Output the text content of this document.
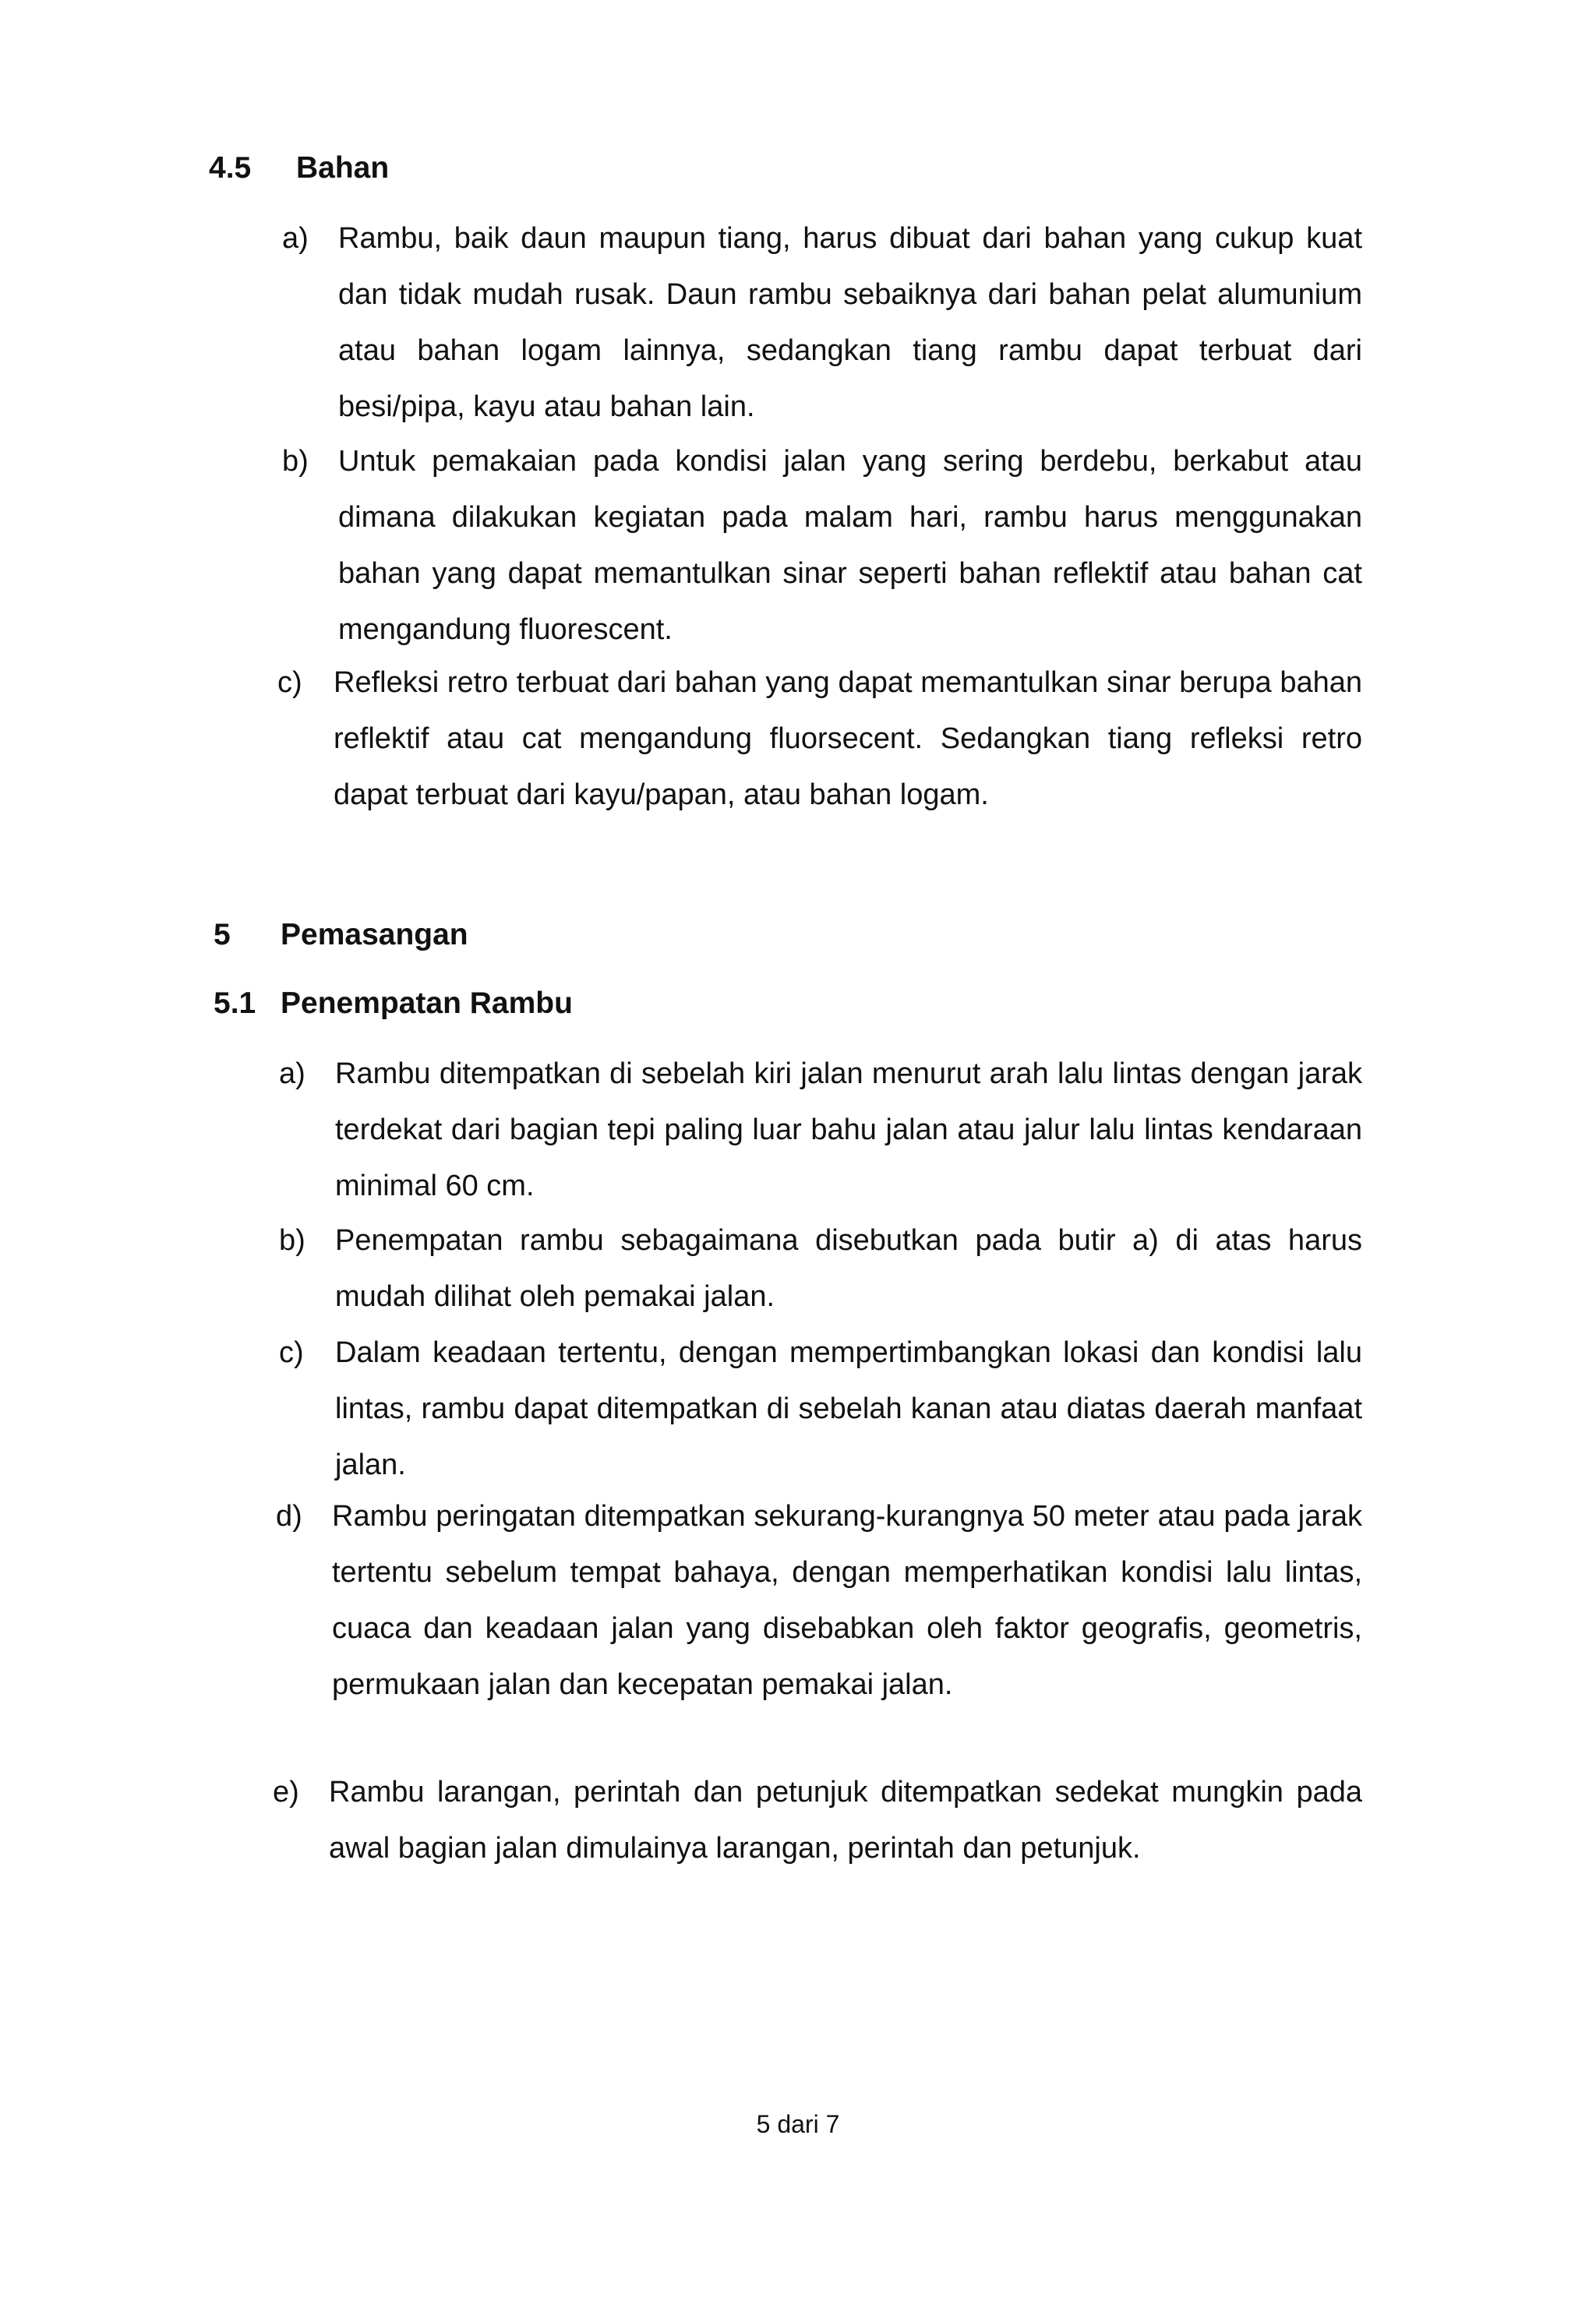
4.5 Bahan
a) Rambu, baik daun maupun tiang, harus dibuat dari bahan yang cukup kuat dan tidak mudah rusak. Daun rambu sebaiknya dari bahan pelat alumunium atau bahan logam lainnya, sedangkan tiang rambu dapat terbuat dari besi/pipa, kayu atau bahan lain.
b) Untuk pemakaian pada kondisi jalan yang sering berdebu, berkabut atau dimana dilakukan kegiatan pada malam hari, rambu harus menggunakan bahan yang dapat memantulkan sinar seperti bahan reflektif atau bahan cat mengandung fluorescent.
c) Refleksi retro terbuat dari bahan yang dapat memantulkan sinar berupa bahan reflektif atau cat mengandung fluorsecent. Sedangkan tiang refleksi retro dapat terbuat dari kayu/papan, atau bahan logam.
5 Pemasangan
5.1 Penempatan Rambu
a) Rambu ditempatkan di sebelah kiri jalan menurut arah lalu lintas dengan jarak terdekat dari bagian tepi paling luar bahu jalan atau jalur lalu lintas kendaraan minimal 60 cm.
b) Penempatan rambu sebagaimana disebutkan pada butir a) di atas harus mudah dilihat oleh pemakai jalan.
c) Dalam keadaan tertentu, dengan mempertimbangkan lokasi dan kondisi lalu lintas, rambu dapat ditempatkan di sebelah kanan atau diatas daerah manfaat jalan.
d) Rambu peringatan ditempatkan sekurang-kurangnya 50 meter atau pada jarak tertentu sebelum tempat bahaya, dengan memperhatikan kondisi lalu lintas, cuaca dan keadaan jalan yang disebabkan oleh faktor geografis, geometris, permukaan jalan dan kecepatan pemakai jalan.
e) Rambu larangan, perintah dan petunjuk ditempatkan sedekat mungkin pada awal bagian jalan dimulainya larangan, perintah dan petunjuk.
5 dari 7
